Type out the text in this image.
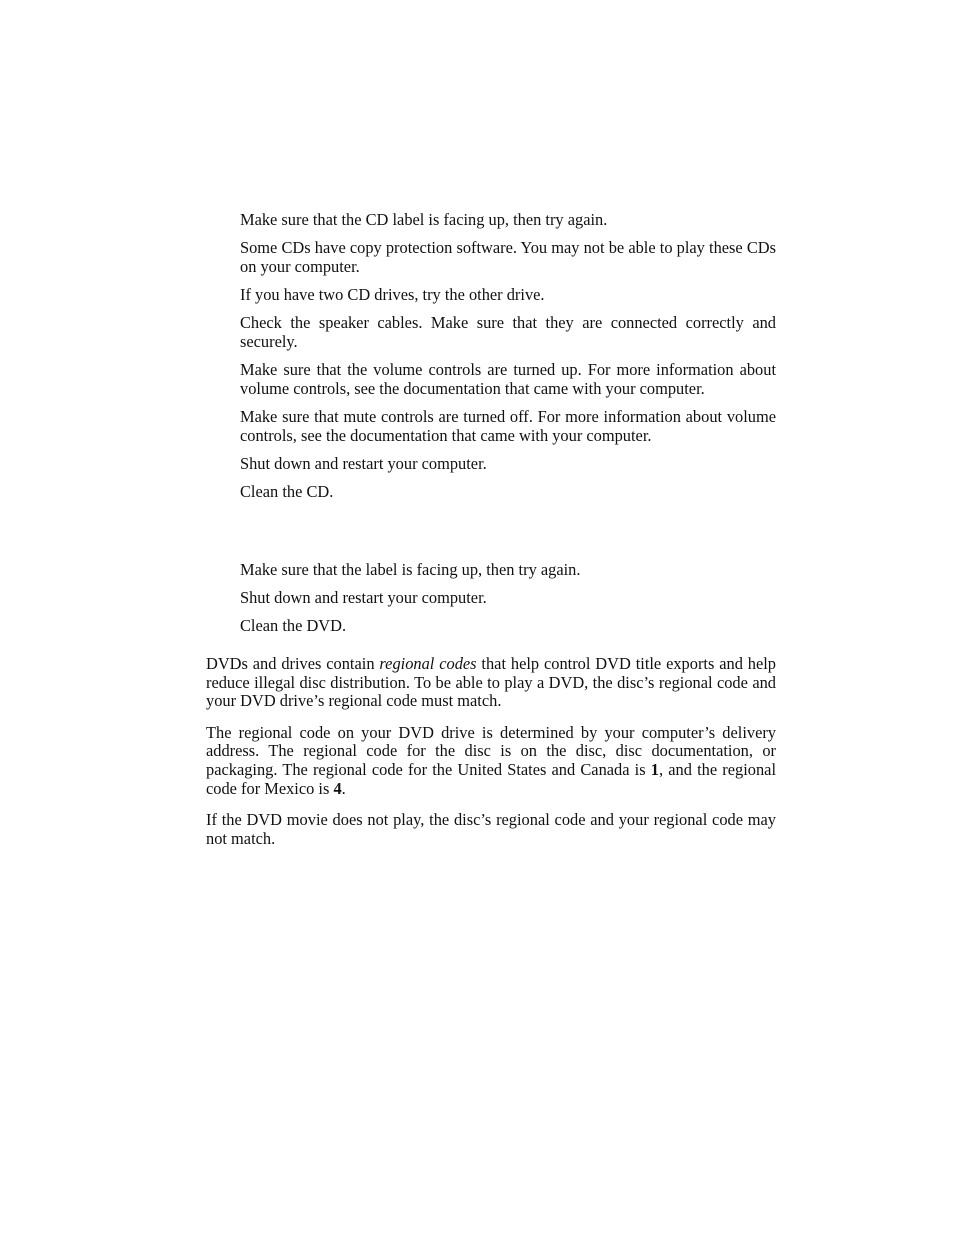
Make sure that the CD label is facing up, then try again.
Some CDs have copy protection software. You may not be able to play these CDs on your computer.
If you have two CD drives, try the other drive.
Check the speaker cables. Make sure that they are connected correctly and securely.
Make sure that the volume controls are turned up. For more information about volume controls, see the documentation that came with your computer.
Make sure that mute controls are turned off. For more information about volume controls, see the documentation that came with your computer.
Shut down and restart your computer.
Clean the CD.
Make sure that the label is facing up, then try again.
Shut down and restart your computer.
Clean the DVD.

DVDs and drives contain regional codes that help control DVD title exports and help reduce illegal disc distribution. To be able to play a DVD, the disc’s regional code and your DVD drive’s regional code must match.

The regional code on your DVD drive is determined by your computer’s delivery address. The regional code for the disc is on the disc, disc documentation, or packaging. The regional code for the United States and Canada is 1, and the regional code for Mexico is 4.

If the DVD movie does not play, the disc’s regional code and your regional code may not match.
